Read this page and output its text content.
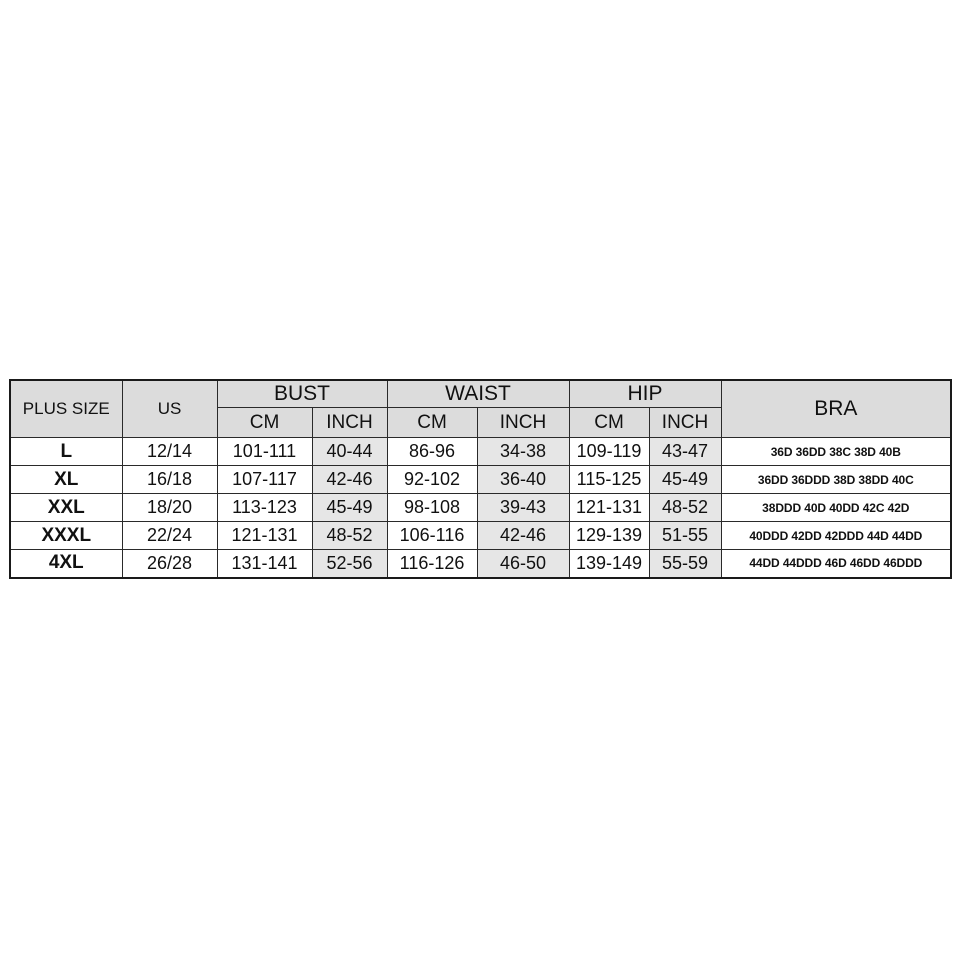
PLUS SIZE	US	BUST		WAIST		HIP		BRA
		CM	INCH	CM	INCH	CM	INCH	
L	12/14	101-111	40-44	86-96	34-38	109-119	43-47	36D 36DD 38C 38D 40B
XL	16/18	107-117	42-46	92-102	36-40	115-125	45-49	36DD 36DDD 38D 38DD 40C
XXL	18/20	113-123	45-49	98-108	39-43	121-131	48-52	38DDD 40D 40DD 42C 42D
XXXL	22/24	121-131	48-52	106-116	42-46	129-139	51-55	40DDD 42DD 42DDD 44D 44DD
4XL	26/28	131-141	52-56	116-126	46-50	139-149	55-59	44DD 44DDD 46D 46DD 46DDD
